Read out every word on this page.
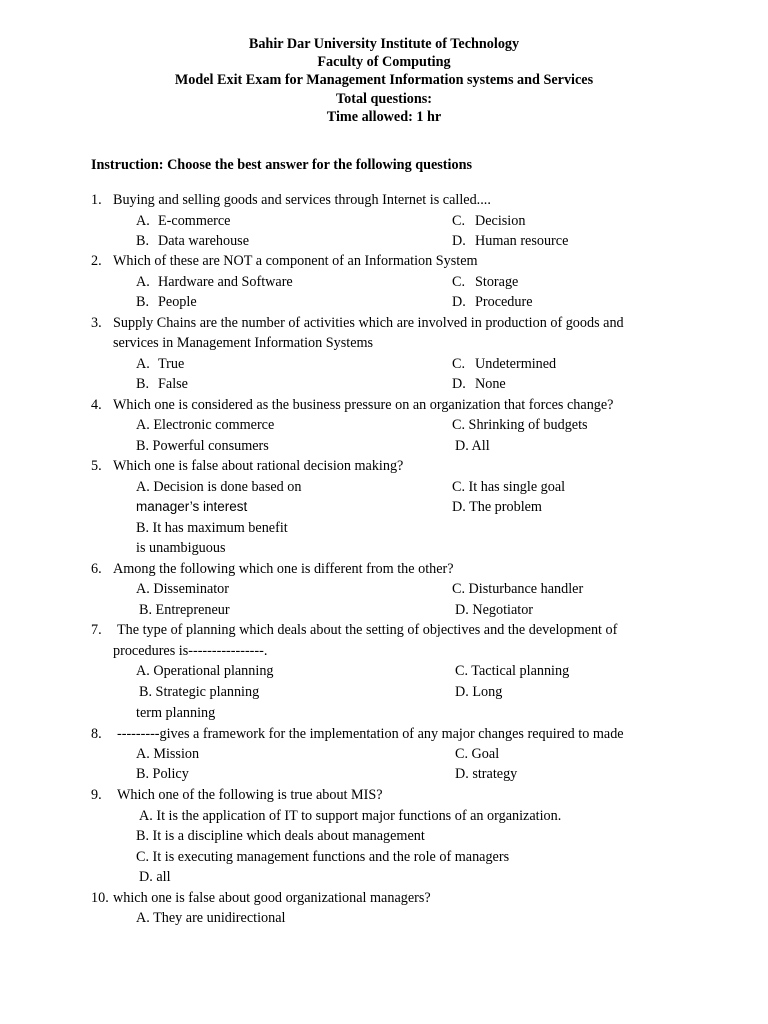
Bahir Dar University Institute of Technology
Faculty of Computing
Model Exit Exam for Management Information systems and Services
Total questions:
Time allowed: 1 hr
Instruction: Choose the best answer for the following questions
1. Buying and selling goods and services through Internet is called....
A. E-commerce	C. Decision
B. Data warehouse	D. Human resource
2. Which of these are NOT a component of an Information System
A. Hardware and Software	C. Storage
B. People	D. Procedure
3. Supply Chains are the number of activities which are involved in production of goods and
services in Management Information Systems
A. True	C. Undetermined
B. False	D. None
4. Which one is considered as the business pressure on an organization that forces change?
A. Electronic commerce	C. Shrinking of budgets
B. Powerful consumers	D. All
5. Which one is false about rational decision making?
A. Decision is done based on	C. It has single goal
manager’s interest	D. The problem
B. It has maximum benefit
is unambiguous
6. Among the following which one is different from the other?
A. Disseminator	C. Disturbance handler
B. Entrepreneur	D. Negotiator
7. The type of planning which deals about the setting of objectives and the development of
procedures is----------------.
A. Operational planning	C. Tactical planning
B. Strategic planning	D. Long
term planning
8. ---------gives a framework for the implementation of any major changes required to made
A. Mission	C. Goal
B. Policy	D. strategy
9. Which one of the following is true about MIS?
A. It is the application of IT to support major functions of an organization.
B. It is a discipline which deals about management
C. It is executing management functions and the role of managers
D. all
10. which one is false about good organizational managers?
A. They are unidirectional
